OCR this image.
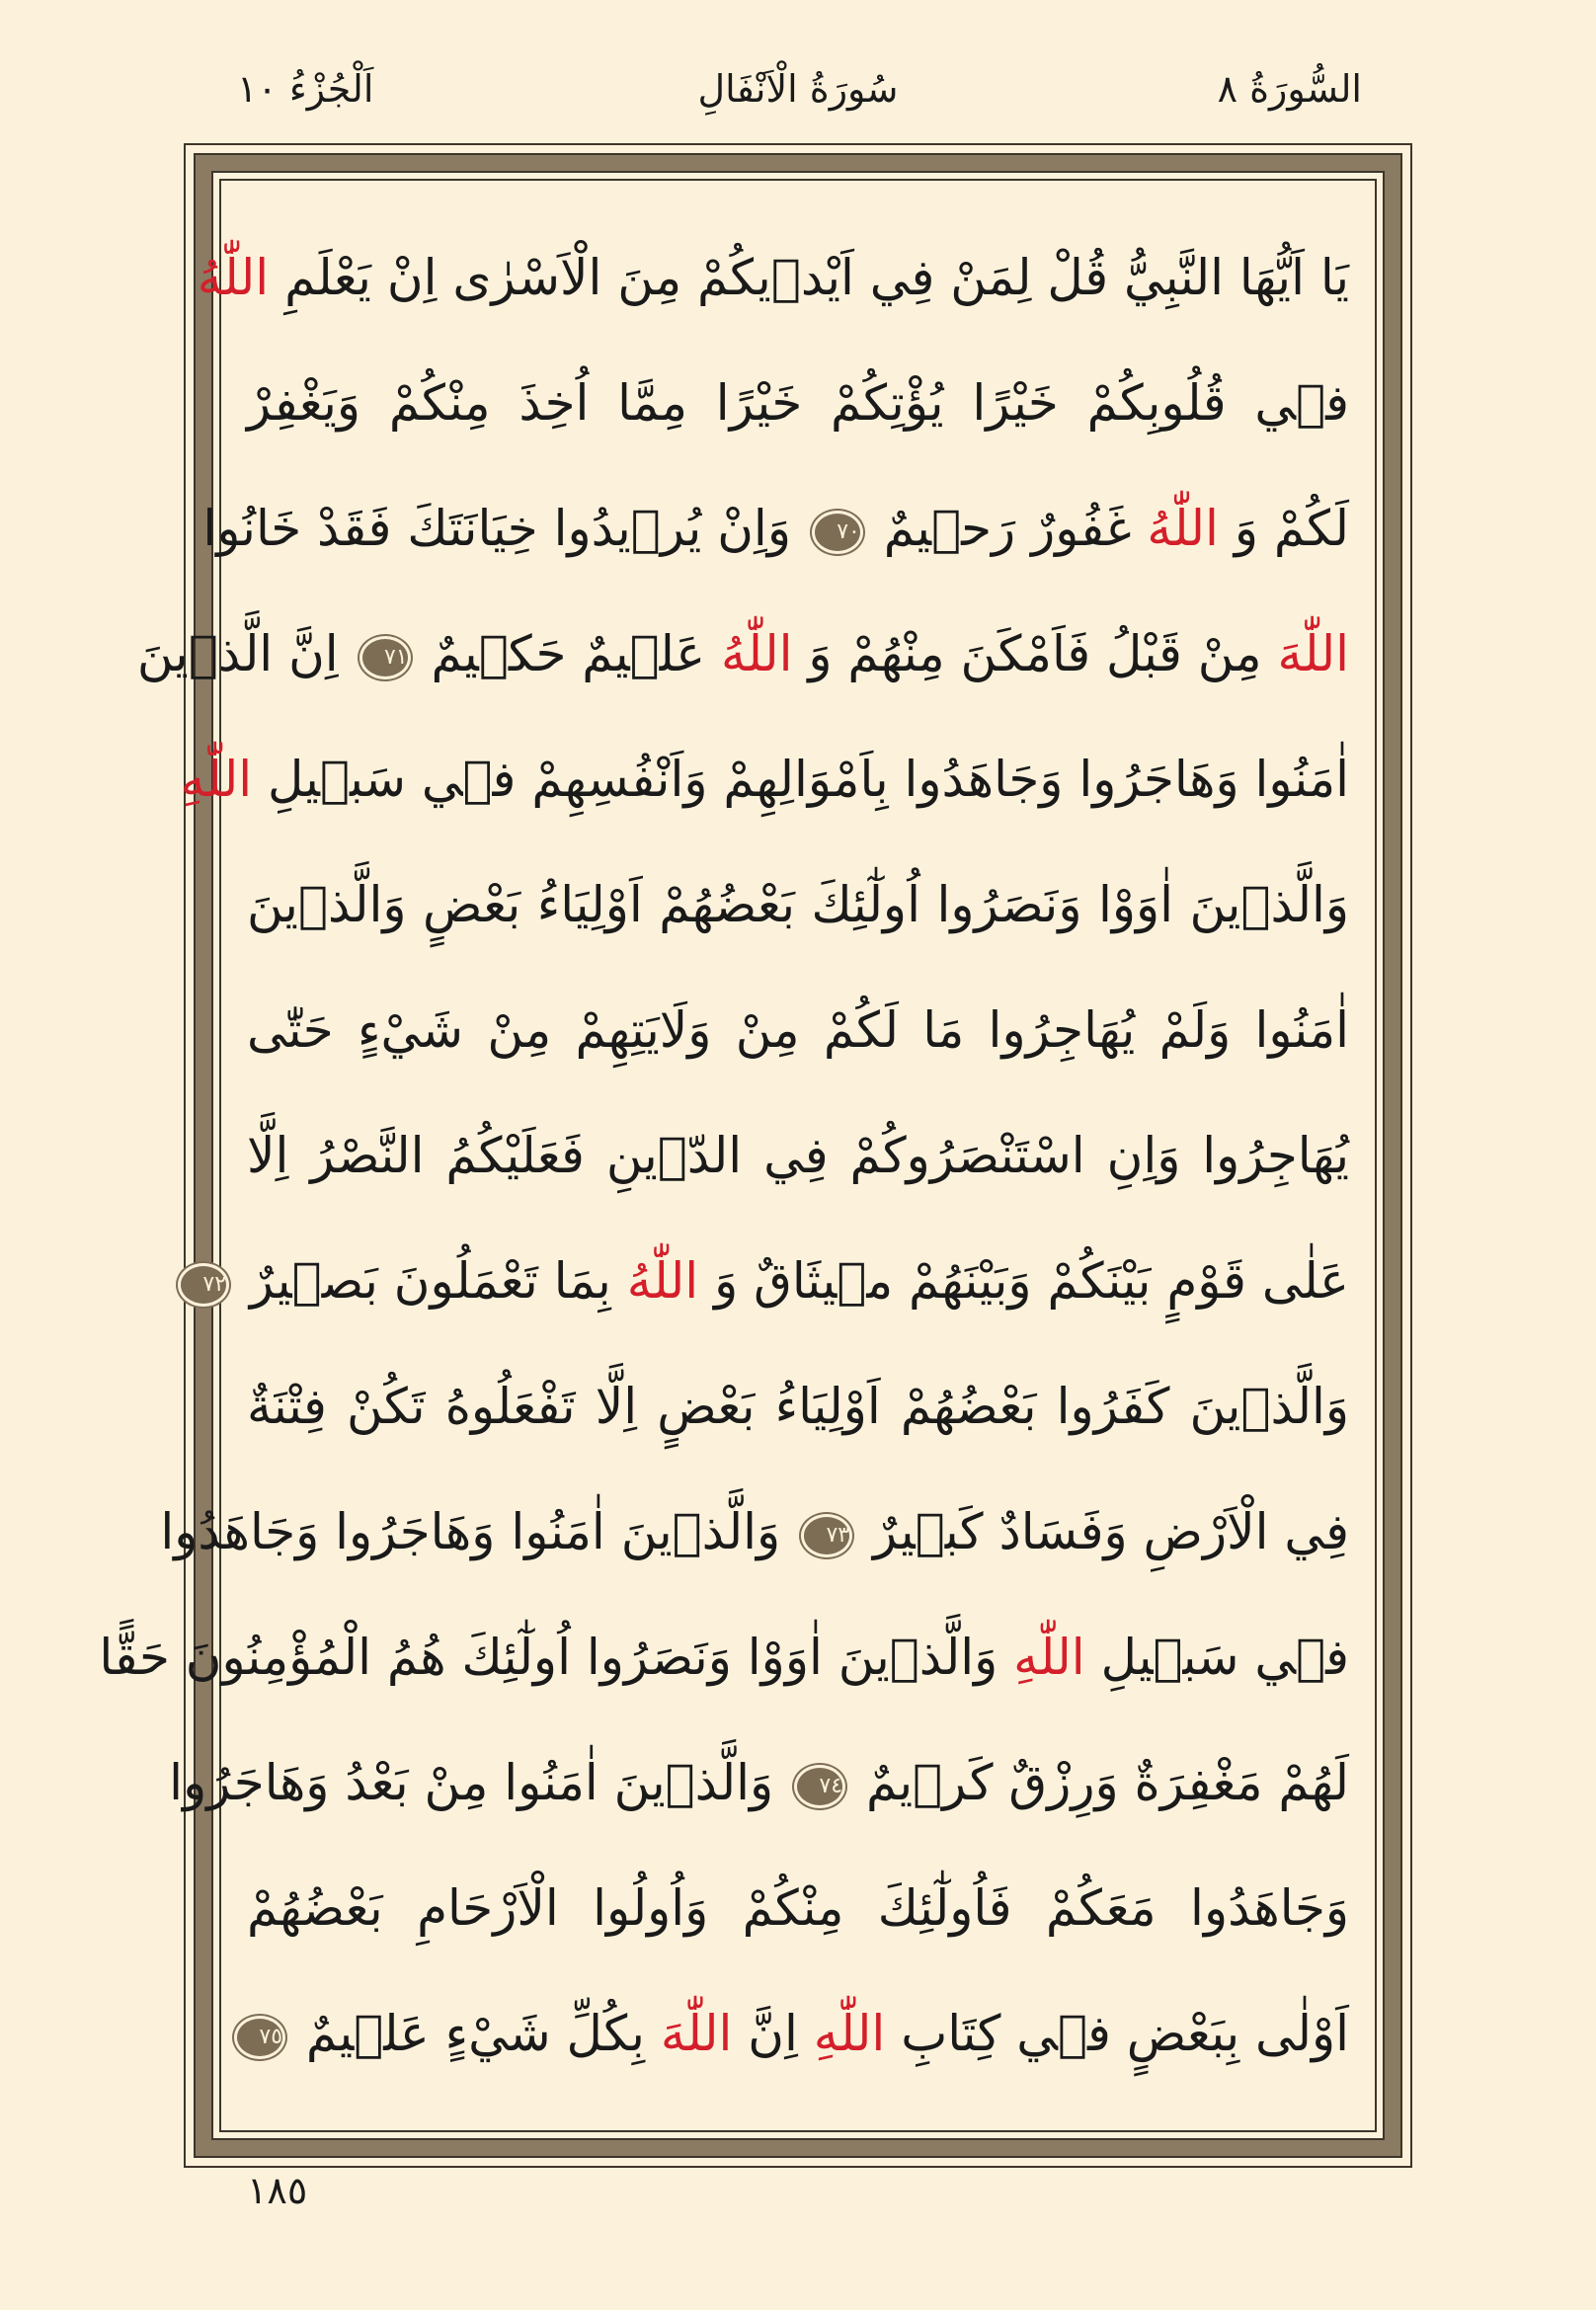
السُّورَةُ ٨
سُورَةُ الْاَنْفَالِ
اَلْجُزْءُ ١٠
يَا اَيُّهَا النَّبِيُّ قُلْ لِمَنْ فِي اَيْدٖيكُمْ مِنَ الْاَسْرٰى اِنْ يَعْلَمِ اللّٰهُ
فٖي قُلُوبِكُمْ خَيْرًا يُؤْتِكُمْ خَيْرًا مِمَّا اُخِذَ مِنْكُمْ وَيَغْفِرْ
لَكُمْ وَ اللّٰهُ غَفُورٌ رَحٖيمٌ ٧٠ وَاِنْ يُرٖيدُوا خِيَانَتَكَ فَقَدْ خَانُوا
اللّٰهَ مِنْ قَبْلُ فَاَمْكَنَ مِنْهُمْ وَ اللّٰهُ عَلٖيمٌ حَكٖيمٌ ٧١ اِنَّ الَّذٖينَ
اٰمَنُوا وَهَاجَرُوا وَجَاهَدُوا بِاَمْوَالِهِمْ وَاَنْفُسِهِمْ فٖي سَبٖيلِ اللّٰهِ
وَالَّذٖينَ اٰوَوْا وَنَصَرُوا اُولٰٓئِكَ بَعْضُهُمْ اَوْلِيَاءُ بَعْضٍ وَالَّذٖينَ
اٰمَنُوا وَلَمْ يُهَاجِرُوا مَا لَكُمْ مِنْ وَلَايَتِهِمْ مِنْ شَيْءٍ حَتّٰى
يُهَاجِرُوا وَاِنِ اسْتَنْصَرُوكُمْ فِي الدّٖينِ فَعَلَيْكُمُ النَّصْرُ اِلَّا
عَلٰى قَوْمٍ بَيْنَكُمْ وَبَيْنَهُمْ مٖيثَاقٌ وَ اللّٰهُ بِمَا تَعْمَلُونَ بَصٖيرٌ ٧٢
وَالَّذٖينَ كَفَرُوا بَعْضُهُمْ اَوْلِيَاءُ بَعْضٍ اِلَّا تَفْعَلُوهُ تَكُنْ فِتْنَةٌ
فِي الْاَرْضِ وَفَسَادٌ كَبٖيرٌ ٧٣ وَالَّذٖينَ اٰمَنُوا وَهَاجَرُوا وَجَاهَدُوا
فٖي سَبٖيلِ اللّٰهِ وَالَّذٖينَ اٰوَوْا وَنَصَرُوا اُولٰٓئِكَ هُمُ الْمُؤْمِنُونَ حَقًّا
لَهُمْ مَغْفِرَةٌ وَرِزْقٌ كَرٖيمٌ ٧٤ وَالَّذٖينَ اٰمَنُوا مِنْ بَعْدُ وَهَاجَرُوا
وَجَاهَدُوا مَعَكُمْ فَاُولٰٓئِكَ مِنْكُمْ وَاُولُوا الْاَرْحَامِ بَعْضُهُمْ
اَوْلٰى بِبَعْضٍ فٖي كِتَابِ اللّٰهِ اِنَّ اللّٰهَ بِكُلِّ شَيْءٍ عَلٖيمٌ ٧٥
١٨٥
